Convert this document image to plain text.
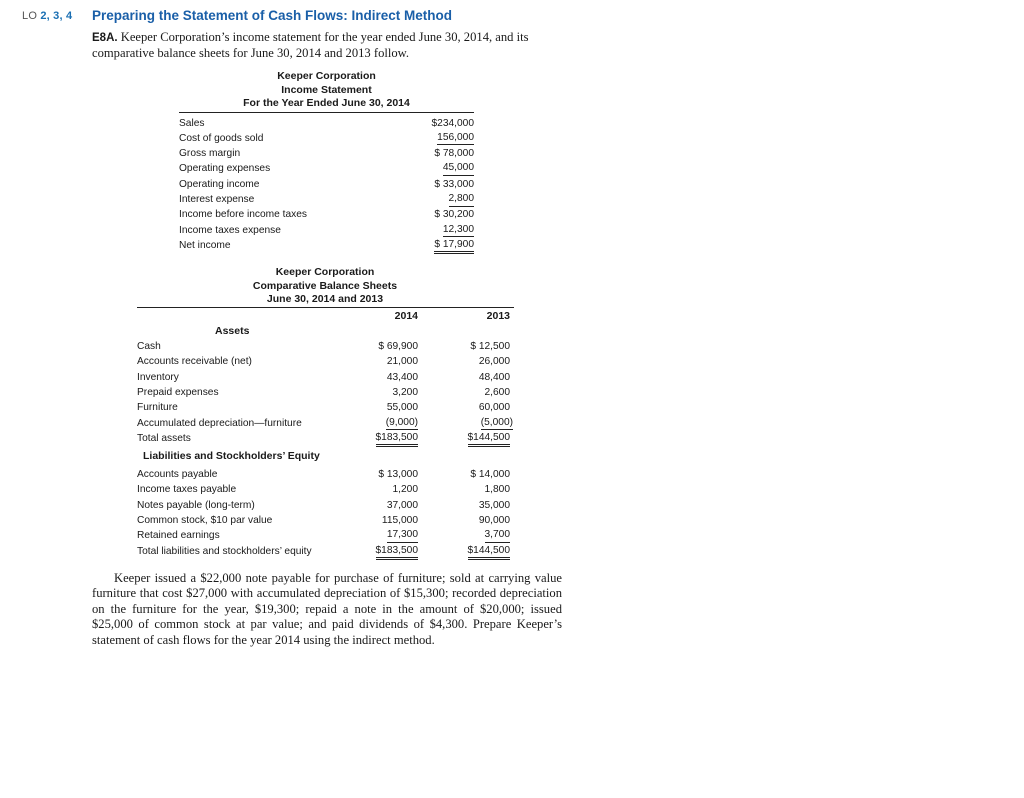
LO 2, 3, 4 Preparing the Statement of Cash Flows: Indirect Method
E8A. Keeper Corporation’s income statement for the year ended June 30, 2014, and its comparative balance sheets for June 30, 2014 and 2013 follow.
Keeper Corporation
Income Statement
For the Year Ended June 30, 2014
Sales	$234,000
Cost of goods sold	156,000
Gross margin	$ 78,000
Operating expenses	45,000
Operating income	$ 33,000
Interest expense	2,800
Income before income taxes	$ 30,200
Income taxes expense	12,300
Net income	$ 17,900
Keeper Corporation
Comparative Balance Sheets
June 30, 2014 and 2013
2014	2013
Assets
Cash	$ 69,900	$ 12,500
Accounts receivable (net)	21,000	26,000
Inventory	43,400	48,400
Prepaid expenses	3,200	2,600
Furniture	55,000	60,000
Accumulated depreciation—furniture	(9,000)	(5,000)
Total assets	$183,500	$144,500
Liabilities and Stockholders’ Equity
Accounts payable	$ 13,000	$ 14,000
Income taxes payable	1,200	1,800
Notes payable (long-term)	37,000	35,000
Common stock, $10 par value	115,000	90,000
Retained earnings	17,300	3,700
Total liabilities and stockholders’ equity	$183,500	$144,500
Keeper issued a $22,000 note payable for purchase of furniture; sold at carrying value furniture that cost $27,000 with accumulated depreciation of $15,300; recorded depreciation on the furniture for the year, $19,300; repaid a note in the amount of $20,000; issued $25,000 of common stock at par value; and paid dividends of $4,300. Prepare Keeper’s statement of cash flows for the year 2014 using the indirect method.
